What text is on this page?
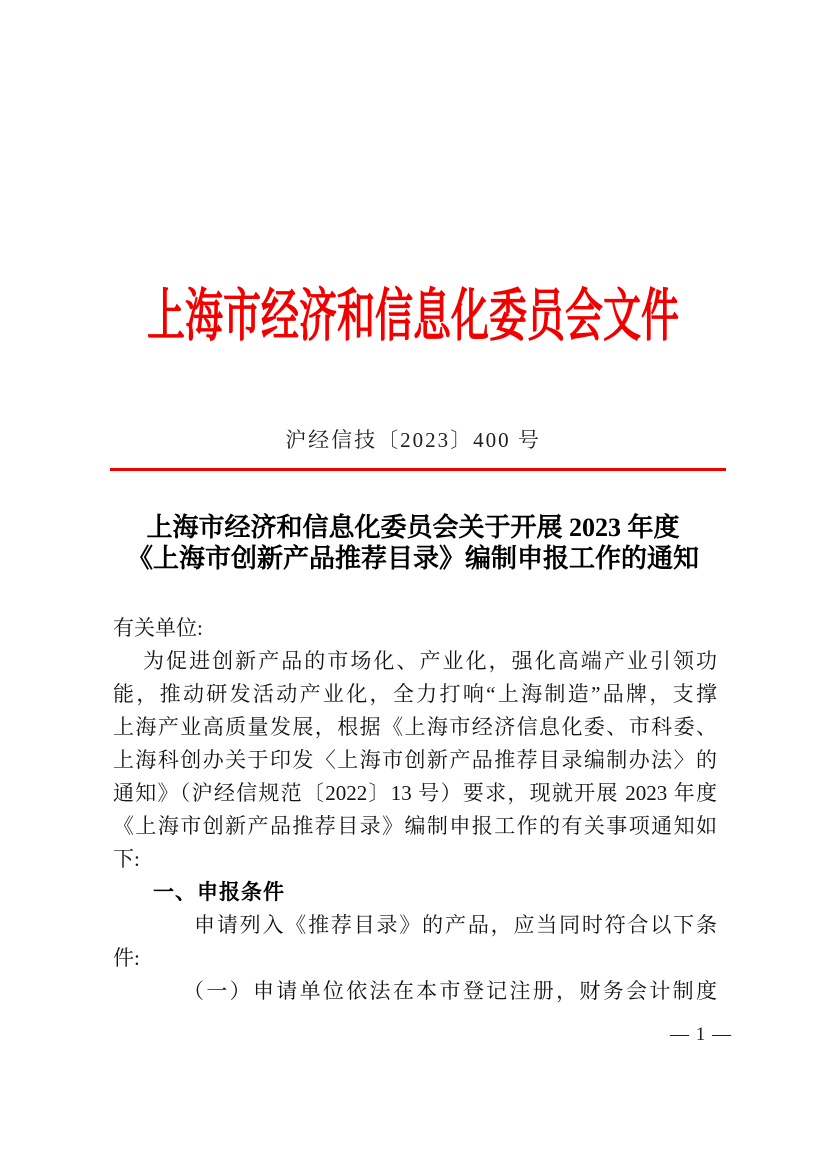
上海市经济和信息化委员会文件
沪经信技〔2023〕400 号
上海市经济和信息化委员会关于开展 2023 年度
《上海市创新产品推荐目录》编制申报工作的通知
有关单位:
为促进创新产品的市场化、产业化，强化高端产业引领功
能，推动研发活动产业化，全力打响“上海制造”品牌，支撑
上海产业高质量发展，根据《上海市经济信息化委、市科委、
上海科创办关于印发〈上海市创新产品推荐目录编制办法〉的
通知》（沪经信规范〔2022〕13 号）要求，现就开展 2023 年度
《上海市创新产品推荐目录》编制申报工作的有关事项通知如
下:
一、申报条件
申请列入《推荐目录》的产品，应当同时符合以下条
件:
（一）申请单位依法在本市登记注册，财务会计制度
— 1 —
